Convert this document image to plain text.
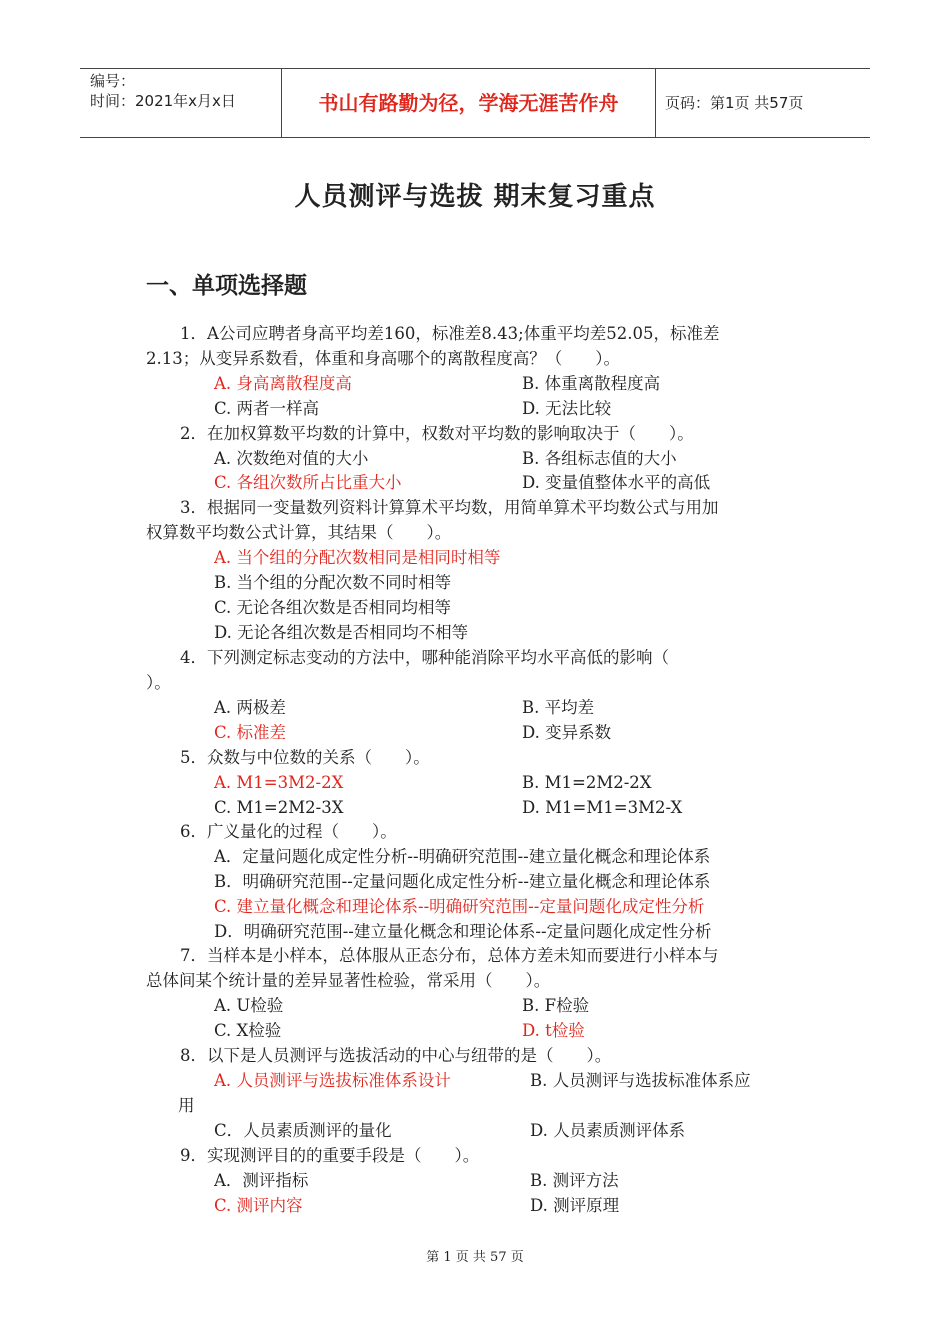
编号：
时间：2021年x月x日	书山有路勤为径，学海无涯苦作舟	页码：第1页 共57页
人员测评与选拔 期末复习重点
一、单项选择题
1．A公司应聘者身高平均差160，标准差8.43;体重平均差52.05，标准差
2.13；从变异系数看，体重和身高哪个的离散程度高？（　　）。
A. 身高离散程度高	B. 体重离散程度高
C. 两者一样高	D. 无法比较
2．在加权算数平均数的计算中，权数对平均数的影响取决于（　　）。
A. 次数绝对值的大小	B. 各组标志值的大小
C. 各组次数所占比重大小	D. 变量值整体水平的高低
3．根据同一变量数列资料计算算术平均数，用简单算术平均数公式与用加
权算数平均数公式计算，其结果（　　）。
A. 当个组的分配次数相同是相同时相等
B. 当个组的分配次数不同时相等
C. 无论各组次数是否相同均相等
D. 无论各组次数是否相同均不相等
4．下列测定标志变动的方法中，哪种能消除平均水平高低的影响（
）。
A. 两极差	B. 平均差
C. 标准差	D. 变异系数
5．众数与中位数的关系（　　）。
A. M1=3M2-2X	B. M1=2M2-2X
C. M1=2M2-3X	D. M1=M1=3M2-X
6．广义量化的过程（　　）。
A．定量问题化成定性分析--明确研究范围--建立量化概念和理论体系
B．明确研究范围--定量问题化成定性分析--建立量化概念和理论体系
C. 建立量化概念和理论体系--明确研究范围--定量问题化成定性分析
D．明确研究范围--建立量化概念和理论体系--定量问题化成定性分析
7．当样本是小样本，总体服从正态分布，总体方差未知而要进行小样本与
总体间某个统计量的差异显著性检验，常采用（　　）。
A. U检验	B. F检验
C. X检验	D. t检验
8．以下是人员测评与选拔活动的中心与纽带的是（　　）。
A. 人员测评与选拔标准体系设计	B. 人员测评与选拔标准体系应
用
C．人员素质测评的量化	D. 人员素质测评体系
9．实现测评目的的重要手段是（　　）。
A．测评指标	B. 测评方法
C. 测评内容	D. 测评原理
第 1 页 共 57 页
